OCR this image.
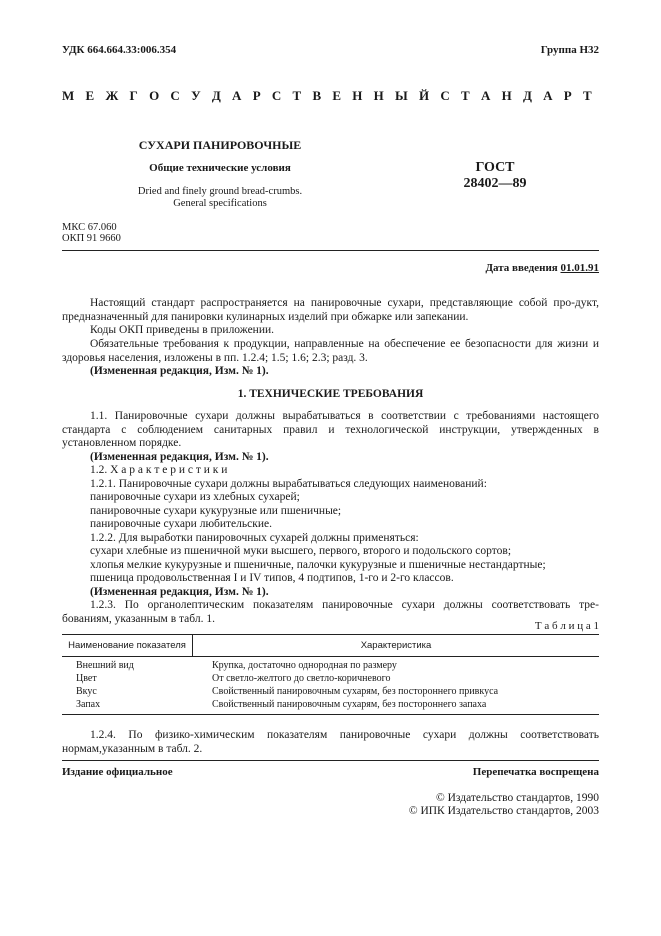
УДК 664.664.33:006.354	Группа Н32
М Е Ж Г О С У Д А Р С Т В Е Н Н Ы Й С Т А Н Д А Р Т
СУХАРИ ПАНИРОВОЧНЫЕ
Общие технические условия
Dried and finely ground bread-crumbs.
General specifications
ГОСТ
28402—89
МКС 67.060
ОКП 91 9660
Дата введения 01.01.91
Настоящий стандарт распространяется на панировочные сухари, представляющие собой про-дукт, предназначенный для панировки кулинарных изделий при обжарке или запекании.
Коды ОКП приведены в приложении.
Обязательные требования к продукции, направленные на обеспечение ее безопасности для жизни и здоровья населения, изложены в пп. 1.2.4; 1.5; 1.6; 2.3; разд. 3.
(Измененная редакция, Изм. № 1).
1. ТЕХНИЧЕСКИЕ ТРЕБОВАНИЯ
1.1. Панировочные сухари должны вырабатываться в соответствии с требованиями настоящего стандарта с соблюдением санитарных правил и технологической инструкции, утвержденных в установленном порядке.
(Измененная редакция, Изм. № 1).
1.2. Х а р а к т е р и с т и к и
1.2.1. Панировочные сухари должны вырабатываться следующих наименований:
панировочные сухари из хлебных сухарей;
панировочные сухари кукурузные или пшеничные;
панировочные сухари любительские.
1.2.2. Для выработки панировочных сухарей должны применяться:
сухари хлебные из пшеничной муки высшего, первого, второго и подольского сортов;
хлопья мелкие кукурузные и пшеничные, палочки кукурузные и пшеничные нестандартные;
пшеница продовольственная I и IV типов, 4 подтипов, 1-го и 2-го классов.
(Измененная редакция, Изм. № 1).
1.2.3. По органолептическим показателям панировочные сухари должны соответствовать тре-бованиям, указанным в табл. 1.
Т а б л и ц а 1
Наименование показателя	Характеристика
Внешний вид	Крупка, достаточно однородная по размеру
Цвет	От светло-желтого до светло-коричневого
Вкус	Свойственный панировочным сухарям, без постороннего привкуса
Запах	Свойственный панировочным сухарям, без постороннего запаха
1.2.4. По физико-химическим показателям панировочные сухари должны соответствовать нормам,указанным в табл. 2.
Издание официальное	Перепечатка воспрещена
© Издательство стандартов, 1990
© ИПК Издательство стандартов, 2003
